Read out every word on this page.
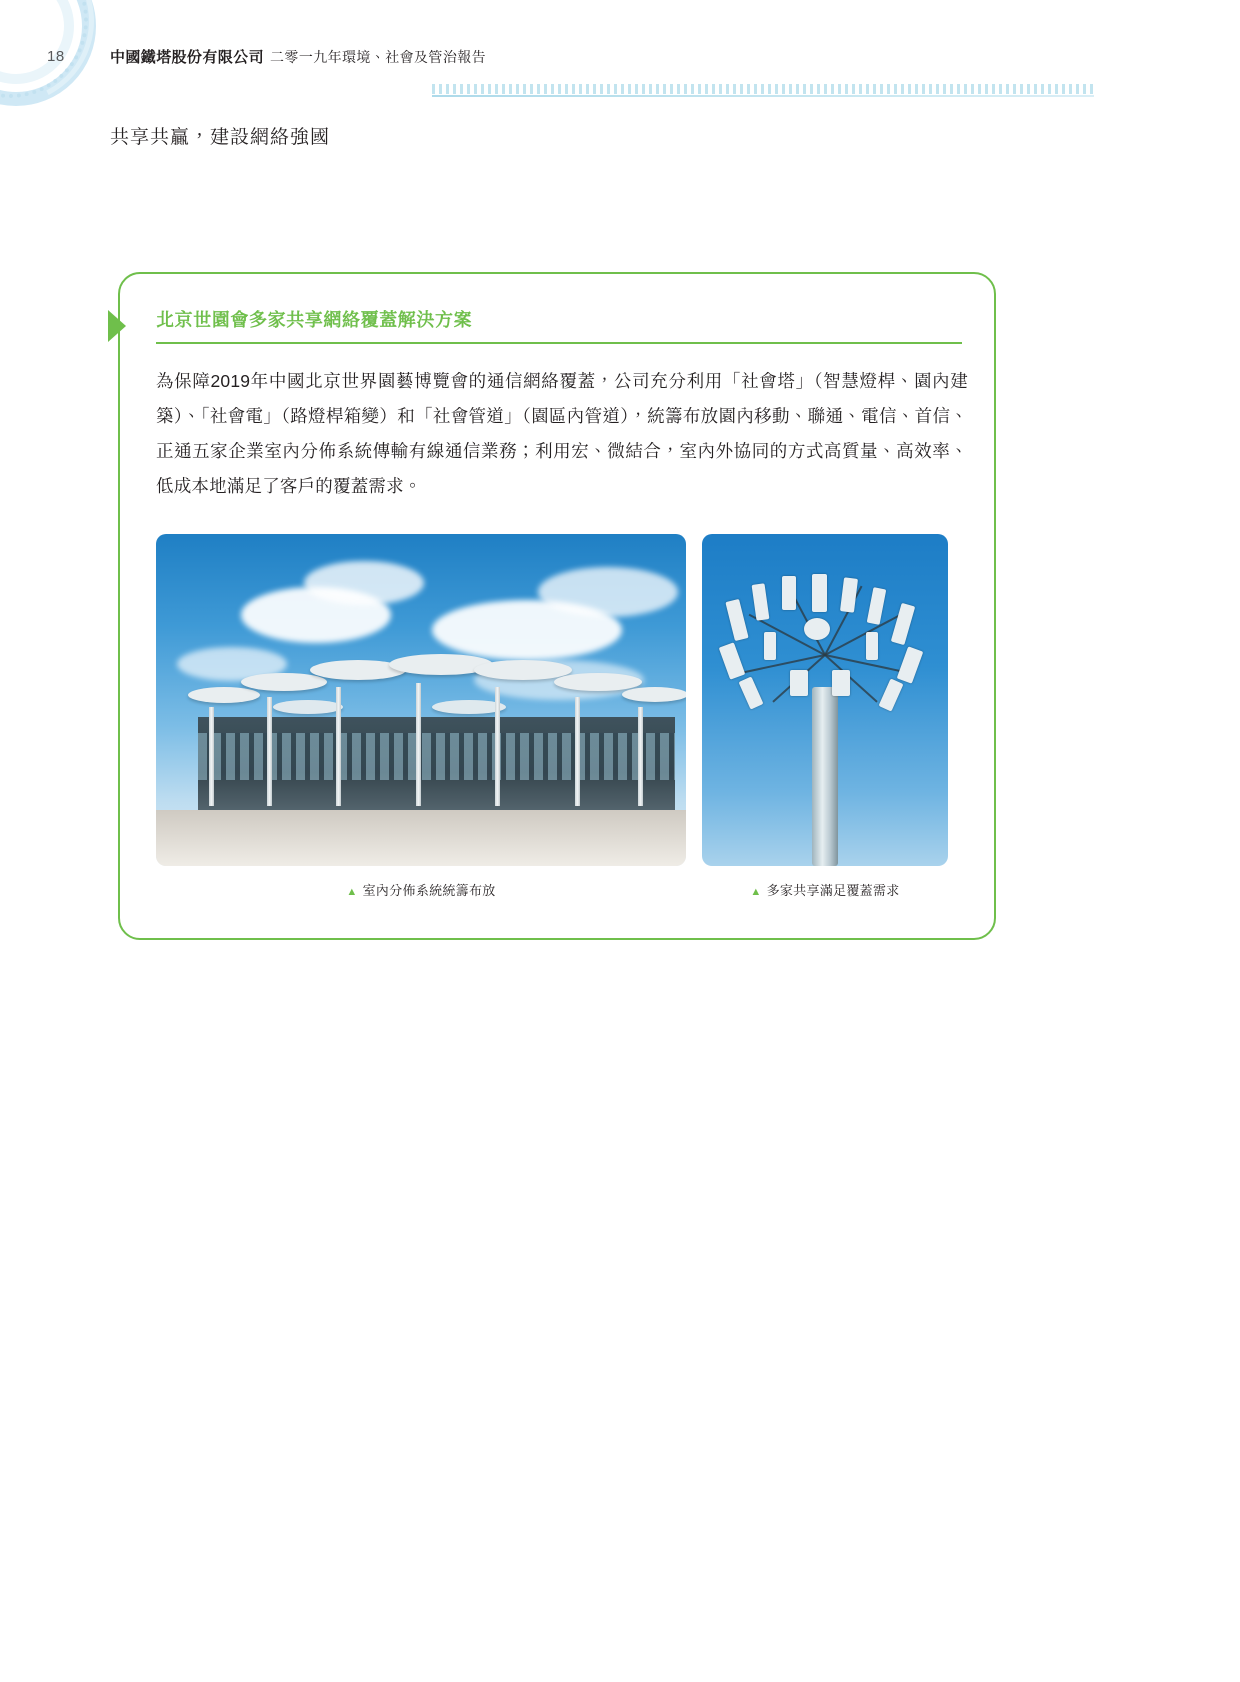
18	中國鐵塔股份有限公司 二零一九年環境、社會及管治報告
共享共贏，建設網絡強國
北京世園會多家共享網絡覆蓋解決方案
為保障2019年中國北京世界園藝博覽會的通信網絡覆蓋，公司充分利用「社會塔」（智慧燈桿、園內建築）、「社會電」（路燈桿箱變）和「社會管道」（園區內管道），統籌布放園內移動、聯通、電信、首信、正通五家企業室內分佈系統傳輸有線通信業務；利用宏、微結合，室內外協同的方式高質量、高效率、低成本地滿足了客戶的覆蓋需求。
▲ 室內分佈系統統籌布放	▲ 多家共享滿足覆蓋需求
